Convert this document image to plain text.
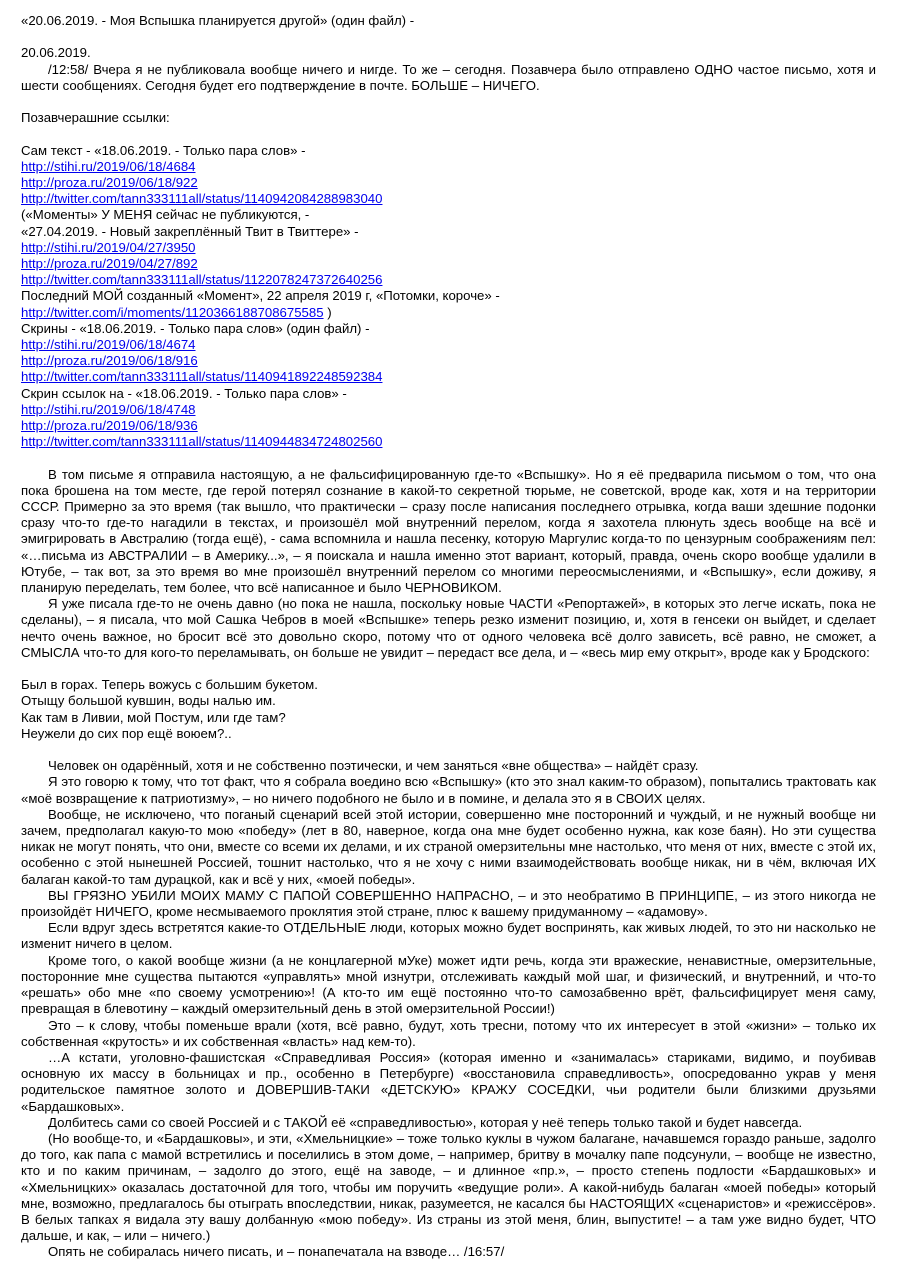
«20.06.2019. - Моя Вспышка планируется другой» (один файл) -
20.06.2019.

/12:58/ Вчера я не публиковала вообще ничего и нигде. То же – сегодня. Позавчера было отправлено ОДНО частое письмо, хотя и шести сообщениях. Сегодня будет его подтверждение в почте. БОЛЬШЕ – НИЧЕГО.

Позавчерашние ссылки:
Сам текст - «18.06.2019. - Только пара слов» -
http://stihi.ru/2019/06/18/4684
http://proza.ru/2019/06/18/922
http://twitter.com/tann333111all/status/1140942084288983040
(«Моменты» У МЕНЯ сейчас не публикуются, -
«27.04.2019. - Новый закреплённый Твит в Твиттере» -
http://stihi.ru/2019/04/27/3950
http://proza.ru/2019/04/27/892
http://twitter.com/tann333111all/status/1122078247372640256
Последний МОЙ созданный «Момент», 22 апреля 2019 г, «Потомки, короче» -
http://twitter.com/i/moments/1120366188708675585 )
Скрины - «18.06.2019. - Только пара слов» (один файл) -
http://stihi.ru/2019/06/18/4674
http://proza.ru/2019/06/18/916
http://twitter.com/tann333111all/status/1140941892248592384
Скрин ссылок на - «18.06.2019. - Только пара слов» -
http://stihi.ru/2019/06/18/4748
http://proza.ru/2019/06/18/936
http://twitter.com/tann333111all/status/1140944834724802560

В том письме я отправила настоящую, а не фальсифицированную где-то «Вспышку». Но я её предварила письмом о том, что она пока брошена на том месте, где герой потерял сознание в какой-то секретной тюрьме, не советской, вроде как, хотя и на территории СССР. Примерно за это время (так вышло, что практически – сразу после написания последнего отрывка, когда ваши здешние подонки сразу что-то где-то нагадили в текстах, и произошёл мой внутренний перелом, когда я захотела плюнуть здесь вообще на всё и эмигрировать в Австралию (тогда ещё), - сама вспомнила и нашла песенку, которую Маргулис когда-то по цензурным соображениям пел: «…письма из АВСТРАЛИИ – в Америку...», – я поискала и нашла именно этот вариант, который, правда, очень скоро вообще удалили в Ютубе, – так вот, за это время во мне произошёл внутренний перелом со многими переосмыслениями, и «Вспышку», если доживу, я планирую переделать, тем более, что всё написанное и было ЧЕРНОВИКОМ.

Я уже писала где-то не очень давно (но пока не нашла, поскольку новые ЧАСТИ «Репортажей», в которых это легче искать, пока не сделаны), – я писала, что мой Сашка Чебров в моей «Вспышке» теперь резко изменит позицию, и, хотя в генсеки он выйдет, и сделает нечто очень важное, но бросит всё это довольно скоро, потому что от одного человека всё долго зависеть, всё равно, не сможет, а СМЫСЛА что-то для кого-то переламывать, он больше не увидит – передаст все дела, и – «весь мир ему открыт», вроде как у Бродского:

Был в горах. Теперь вожусь с большим букетом.
Отыщу большой кувшин, воды налью им.
Как там в Ливии, мой Постум, или где там?
Неужели до сих пор ещё воюем?..

Человек он одарённый, хотя и не собственно поэтически, и чем заняться «вне общества» – найдёт сразу.

Я это говорю к тому, что тот факт, что я собрала воедино всю «Вспышку» (кто это знал каким-то образом), попытались трактовать как «моё возвращение к патриотизму», – но ничего подобного не было и в помине, и делала это я в СВОИХ целях.

Вообще, не исключено, что поганый сценарий всей этой истории, совершенно мне посторонний и чуждый, и не нужный вообще ни зачем, предполагал какую-то мою «победу» (лет в 80, наверное, когда она мне будет особенно нужна, как козе баян). Но эти существа никак не могут понять, что они, вместе со всеми их делами, и их страной омерзительны мне настолько, что меня от них, вместе с этой их, особенно с этой нынешней Россией, тошнит настолько, что я не хочу с ними взаимодействовать вообще никак, ни в чём, включая ИХ балаган какой-то там дурацкой, как и всё у них, «моей победы».

ВЫ ГРЯЗНО УБИЛИ МОИХ МАМУ С ПАПОЙ СОВЕРШЕННО НАПРАСНО, – и это необратимо В ПРИНЦИПЕ, – из этого никогда не произойдёт НИЧЕГО, кроме несмываемого проклятия этой стране, плюс к вашему придуманному – «адамову».

Если вдруг здесь встретятся какие-то ОТДЕЛЬНЫЕ люди, которых можно будет воспринять, как живых людей, то это ни насколько не изменит ничего в целом.

Кроме того, о какой вообще жизни (а не концлагерной мУке) может идти речь, когда эти вражеские, ненавистные, омерзительные, посторонние мне существа пытаются «управлять» мной изнутри, отслеживать каждый мой шаг, и физический, и внутренний, и что-то «решать» обо мне «по своему усмотрению»! (А кто-то им ещё постоянно что-то самозабвенно врёт, фальсифицирует меня саму, превращая в блевотину – каждый омерзительный день в этой омерзительной России!)

Это – к слову, чтобы поменьше врали (хотя, всё равно, будут, хоть тресни, потому что их интересует в этой «жизни» – только их собственная «крутость» и их собственная «власть» над кем-то).

…А кстати, уголовно-фашистская «Справедливая Россия» (которая именно и «занималась» стариками, видимо, и поубивав основную их массу в больницах и пр., особенно в Петербурге) «восстановила справедливость», опосредованно украв у меня родительское памятное золото и ДОВЕРШИВ-ТАКИ «ДЕТСКУЮ» КРАЖУ СОСЕДКИ, чьи родители были близкими друзьями «Бардашковых».

Долбитесь сами со своей Россией и с ТАКОЙ её «справедливостью», которая у неё теперь только такой и будет навсегда.

(Но вообще-то, и «Бардашковы», и эти, «Хмельницкие» – тоже только куклы в чужом балагане, начавшемся гораздо раньше, задолго до того, как папа с мамой встретились и поселились в этом доме, – например, бритву в мочалку папе подсунули, – вообще не известно, кто и по каким причинам, – задолго до этого, ещё на заводе, – и длинное «пр.», – просто степень подлости «Бардашковых» и «Хмельницких» оказалась достаточной для того, чтобы им поручить «ведущие роли». А какой-нибудь балаган «моей победы» который мне, возможно, предлагалось бы отыграть впоследствии, никак, разумеется, не касался бы НАСТОЯЩИХ «сценаристов» и «режиссёров». В белых тапках я видала эту вашу долбанную «мою победу». Из страны из этой меня, блин, выпустите! – а там уже видно будет, ЧТО дальше, и как, – или – ничего.)

Опять не собиралась ничего писать, и – понапечатала на взводе… /16:57/
